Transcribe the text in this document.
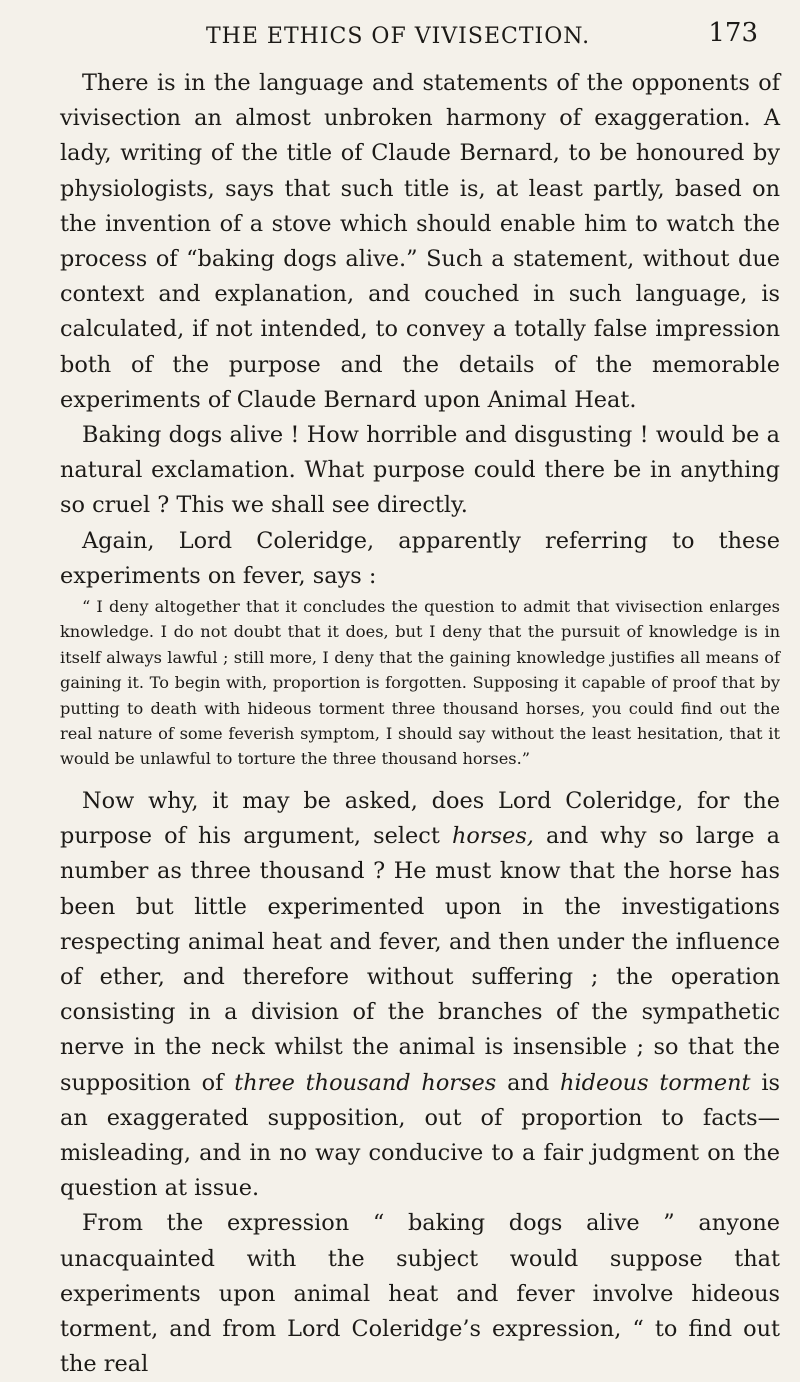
THE ETHICS OF VIVISECTION.	173

There is in the language and statements of the opponents of vivisection an almost unbroken harmony of exaggeration. A lady, writing of the title of Claude Bernard, to be honoured by physiologists, says that such title is, at least partly, based on the invention of a stove which should enable him to watch the process of “baking dogs alive.” Such a statement, without due context and explanation, and couched in such language, is calculated, if not intended, to convey a totally false impression both of the purpose and the details of the memorable experiments of Claude Bernard upon Animal Heat.

Baking dogs alive ! How horrible and disgusting ! would be a natural exclamation. What purpose could there be in anything so cruel ? This we shall see directly.

Again, Lord Coleridge, apparently referring to these experiments on fever, says :

“ I deny altogether that it concludes the question to admit that vivisection enlarges knowledge. I do not doubt that it does, but I deny that the pursuit of knowledge is in itself always lawful ; still more, I deny that the gaining knowledge justifies all means of gaining it. To begin with, proportion is forgotten. Supposing it capable of proof that by putting to death with hideous torment three thousand horses, you could find out the real nature of some feverish symptom, I should say without the least hesitation, that it would be unlawful to torture the three thousand horses.”

Now why, it may be asked, does Lord Coleridge, for the purpose of his argument, select horses, and why so large a number as three thousand ? He must know that the horse has been but little experimented upon in the investigations respecting animal heat and fever, and then under the influence of ether, and therefore without suffering ; the operation consisting in a division of the branches of the sympathetic nerve in the neck whilst the animal is insensible ; so that the supposition of three thousand horses and hideous torment is an exaggerated supposition, out of proportion to facts—misleading, and in no way conducive to a fair judgment on the question at issue.

From the expression “ baking dogs alive ” anyone unacquainted with the subject would suppose that experiments upon animal heat and fever involve hideous torment, and from Lord Coleridge’s expression, “ to find out the real
